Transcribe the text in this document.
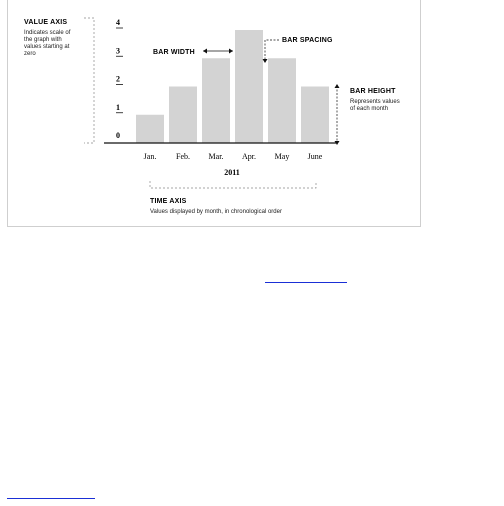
VALUE AXIS
Indicates scale of
the graph with
values starting at
zero
0
1
2
3
4
Jan. Feb. Mar. Apr. May June
2011
BAR WIDTH
BAR SPACING
BAR HEIGHT
Represents values
of each month
TIME AXIS
Values displayed by month, in chronological order
